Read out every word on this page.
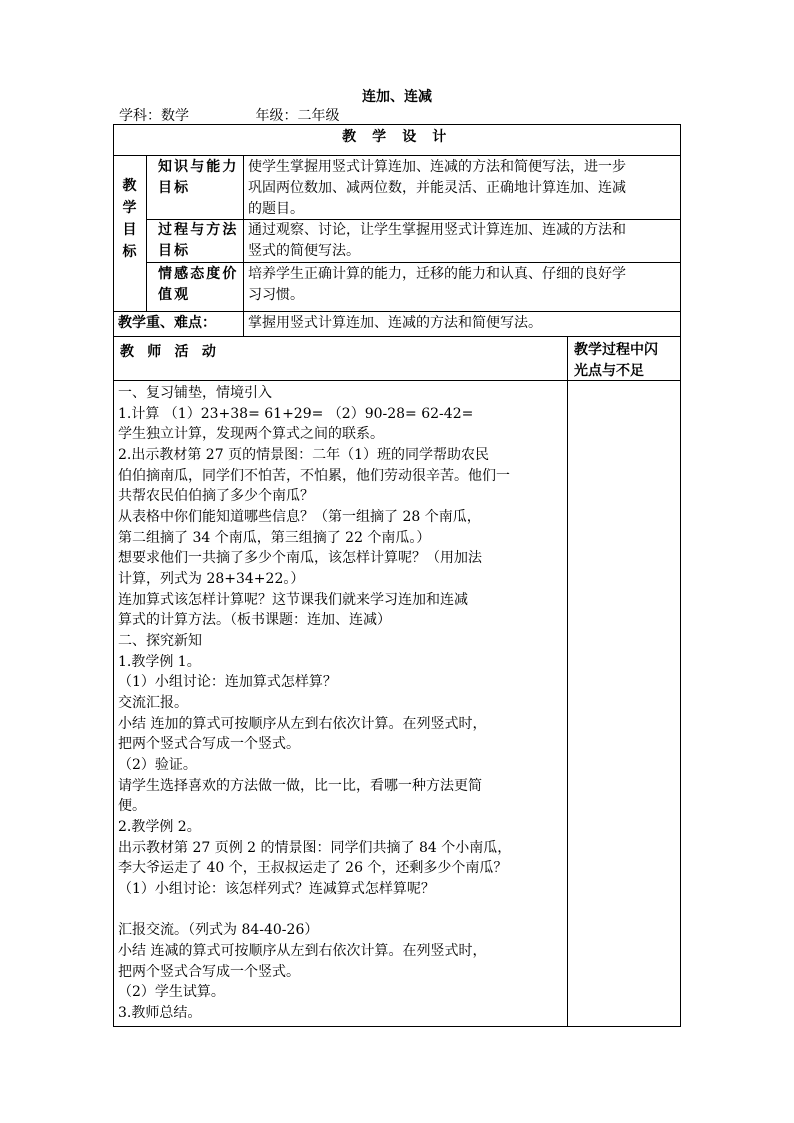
连加、连减
学科：数学	年级：二年级
教 学 设 计
教
学
目
标
知识与能力目标
使学生掌握用竖式计算连加、连减的方法和简便写法，进一步
巩固两位数加、减两位数，并能灵活、正确地计算连加、连减
的题目。
过程与方法目标
通过观察、讨论，让学生掌握用竖式计算连加、连减的方法和
竖式的简便写法。
情感态度价值观
培养学生正确计算的能力，迁移的能力和认真、仔细的良好学
习习惯。
教学重、难点： 掌握用竖式计算连加、连减的方法和简便写法。
教 师 活 动	教学过程中闪
光点与不足
一、复习铺垫，情境引入
1.计算 （1）23+38= 61+29= （2）90-28= 62-42=
学生独立计算，发现两个算式之间的联系。
2.出示教材第 27 页的情景图：二年（1）班的同学帮助农民
伯伯摘南瓜，同学们不怕苦，不怕累，他们劳动很辛苦。他们一
共帮农民伯伯摘了多少个南瓜？
从表格中你们能知道哪些信息？（第一组摘了 28 个南瓜，
第二组摘了 34 个南瓜，第三组摘了 22 个南瓜。）
想要求他们一共摘了多少个南瓜，该怎样计算呢？（用加法
计算，列式为 28+34+22。）
连加算式该怎样计算呢？这节课我们就来学习连加和连减
算式的计算方法。（板书课题：连加、连减）
二、探究新知
1.教学例 1。
（1）小组讨论：连加算式怎样算？
交流汇报。
小结 连加的算式可按顺序从左到右依次计算。在列竖式时，
把两个竖式合写成一个竖式。
（2）验证。
请学生选择喜欢的方法做一做，比一比，看哪一种方法更简
便。
2.教学例 2。
出示教材第 27 页例 2 的情景图：同学们共摘了 84 个小南瓜，
李大爷运走了 40 个，王叔叔运走了 26 个，还剩多少个南瓜？
（1）小组讨论：该怎样列式？连减算式怎样算呢？
汇报交流。（列式为 84-40-26）
小结 连减的算式可按顺序从左到右依次计算。在列竖式时，
把两个竖式合写成一个竖式。
（2）学生试算。
3.教师总结。
